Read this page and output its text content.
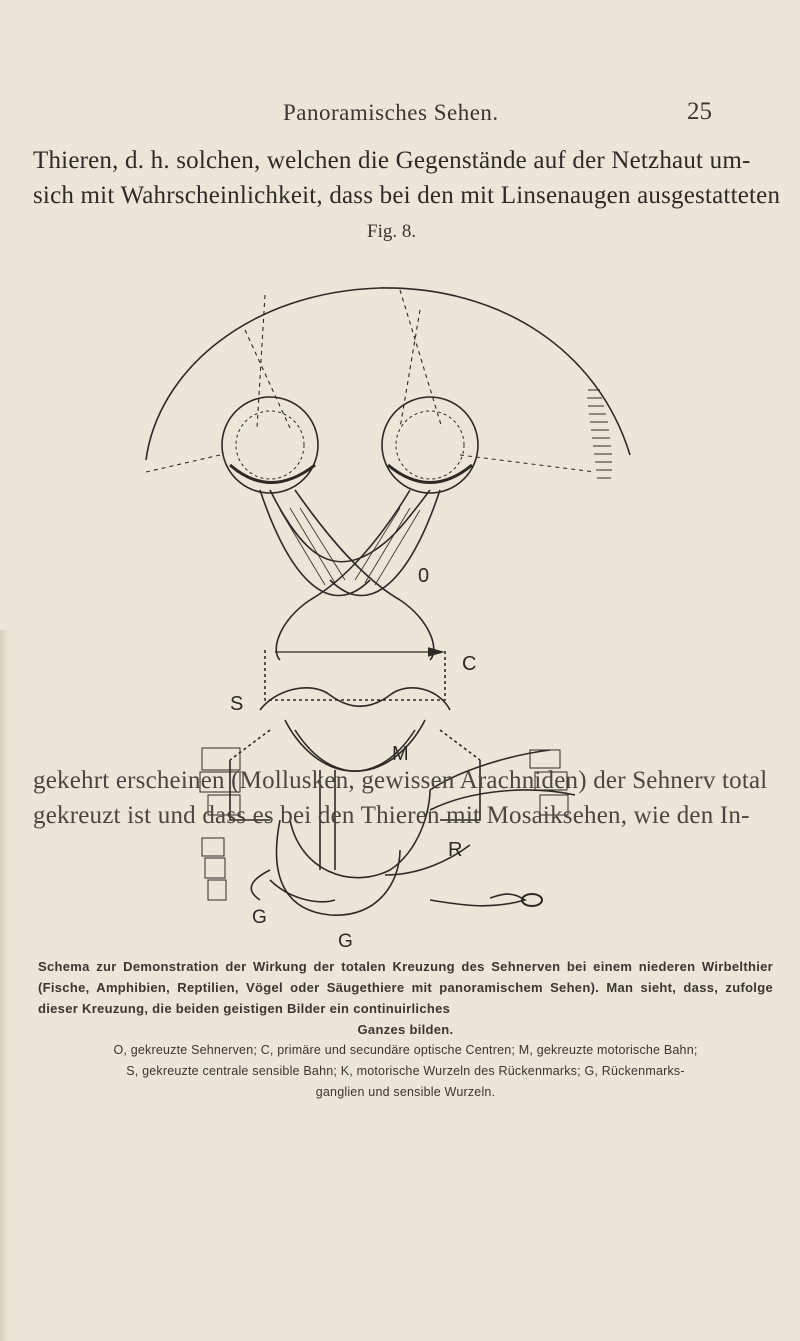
Panoramisches Sehen.	25
Thieren, d. h. solchen, welchen die Gegenstände auf der Netzhaut um-
sich mit Wahrscheinlichkeit, dass bei den mit Linsenaugen ausgestatteten
Fig. 8.
0
C
S
M
R
G
G
Schema zur Demonstration der Wirkung der totalen Kreuzung des Sehnerven bei einem niederen Wirbelthier (Fische, Amphibien, Reptilien, Vögel oder Säugethiere mit panoramischem Sehen). Man sieht, dass, zufolge dieser Kreuzung, die beiden geistigen Bilder ein continuirliches
Ganzes bilden.
O, gekreuzte Sehnerven; C, primäre und secundäre optische Centren; M, gekreuzte motorische Bahn;
S, gekreuzte centrale sensible Bahn; K, motorische Wurzeln des Rückenmarks; G, Rückenmarks-
ganglien und sensible Wurzeln.
gekehrt erscheinen (Mollusken, gewissen Arachniden) der Sehnerv total
gekreuzt ist und dass es bei den Thieren mit Mosaiksehen, wie den In-
